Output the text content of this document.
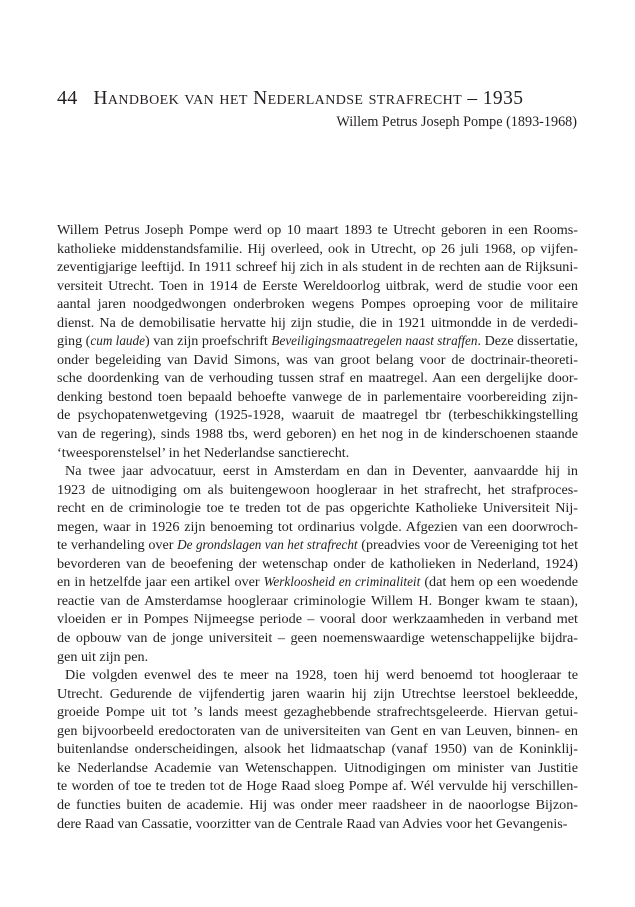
44 Handboek van het Nederlandse strafrecht – 1935
Willem Petrus Joseph Pompe (1893-1968)
Willem Petrus Joseph Pompe werd op 10 maart 1893 te Utrecht geboren in een Rooms-
katholieke middenstandsfamilie. Hij overleed, ook in Utrecht, op 26 juli 1968, op vijfen-
zeventigjarige leeftijd. In 1911 schreef hij zich in als student in de rechten aan de Rijksuni-
versiteit Utrecht. Toen in 1914 de Eerste Wereldoorlog uitbrak, werd de studie voor een
aantal jaren noodgedwongen onderbroken wegens Pompes oproeping voor de militaire
dienst. Na de demobilisatie hervatte hij zijn studie, die in 1921 uitmondde in de verdedi-
ging (cum laude) van zijn proefschrift Beveiligingsmaatregelen naast straffen. Deze dissertatie,
onder begeleiding van David Simons, was van groot belang voor de doctrinair-theoreti-
sche doordenking van de verhouding tussen straf en maatregel. Aan een dergelijke door-
denking bestond toen bepaald behoefte vanwege de in parlementaire voorbereiding zijn-
de psychopatenwetgeving (1925-1928, waaruit de maatregel tbr (terbeschikkingstelling
van de regering), sinds 1988 tbs, werd geboren) en het nog in de kinderschoenen staande
‘tweesporenstelsel’ in het Nederlandse sanctierecht.
Na twee jaar advocatuur, eerst in Amsterdam en dan in Deventer, aanvaardde hij in
1923 de uitnodiging om als buitengewoon hoogleraar in het strafrecht, het strafproces-
recht en de criminologie toe te treden tot de pas opgerichte Katholieke Universiteit Nij-
megen, waar in 1926 zijn benoeming tot ordinarius volgde. Afgezien van een doorwroch-
te verhandeling over De grondslagen van het strafrecht (preadvies voor de Vereeniging tot het
bevorderen van de beoefening der wetenschap onder de katholieken in Nederland, 1924)
en in hetzelfde jaar een artikel over Werkloosheid en criminaliteit (dat hem op een woedende
reactie van de Amsterdamse hoogleraar criminologie Willem H. Bonger kwam te staan),
vloeiden er in Pompes Nijmeegse periode – vooral door werkzaamheden in verband met
de opbouw van de jonge universiteit – geen noemenswaardige wetenschappelijke bijdra-
gen uit zijn pen.
Die volgden evenwel des te meer na 1928, toen hij werd benoemd tot hoogleraar te
Utrecht. Gedurende de vijfendertig jaren waarin hij zijn Utrechtse leerstoel bekleedde,
groeide Pompe uit tot ’s lands meest gezaghebbende strafrechtsgeleerde. Hiervan getui-
gen bijvoorbeeld eredoctoraten van de universiteiten van Gent en van Leuven, binnen- en
buitenlandse onderscheidingen, alsook het lidmaatschap (vanaf 1950) van de Koninklij-
ke Nederlandse Academie van Wetenschappen. Uitnodigingen om minister van Justitie
te worden of toe te treden tot de Hoge Raad sloeg Pompe af. Wél vervulde hij verschillen-
de functies buiten de academie. Hij was onder meer raadsheer in de naoorlogse Bijzon-
dere Raad van Cassatie, voorzitter van de Centrale Raad van Advies voor het Gevangenis-
